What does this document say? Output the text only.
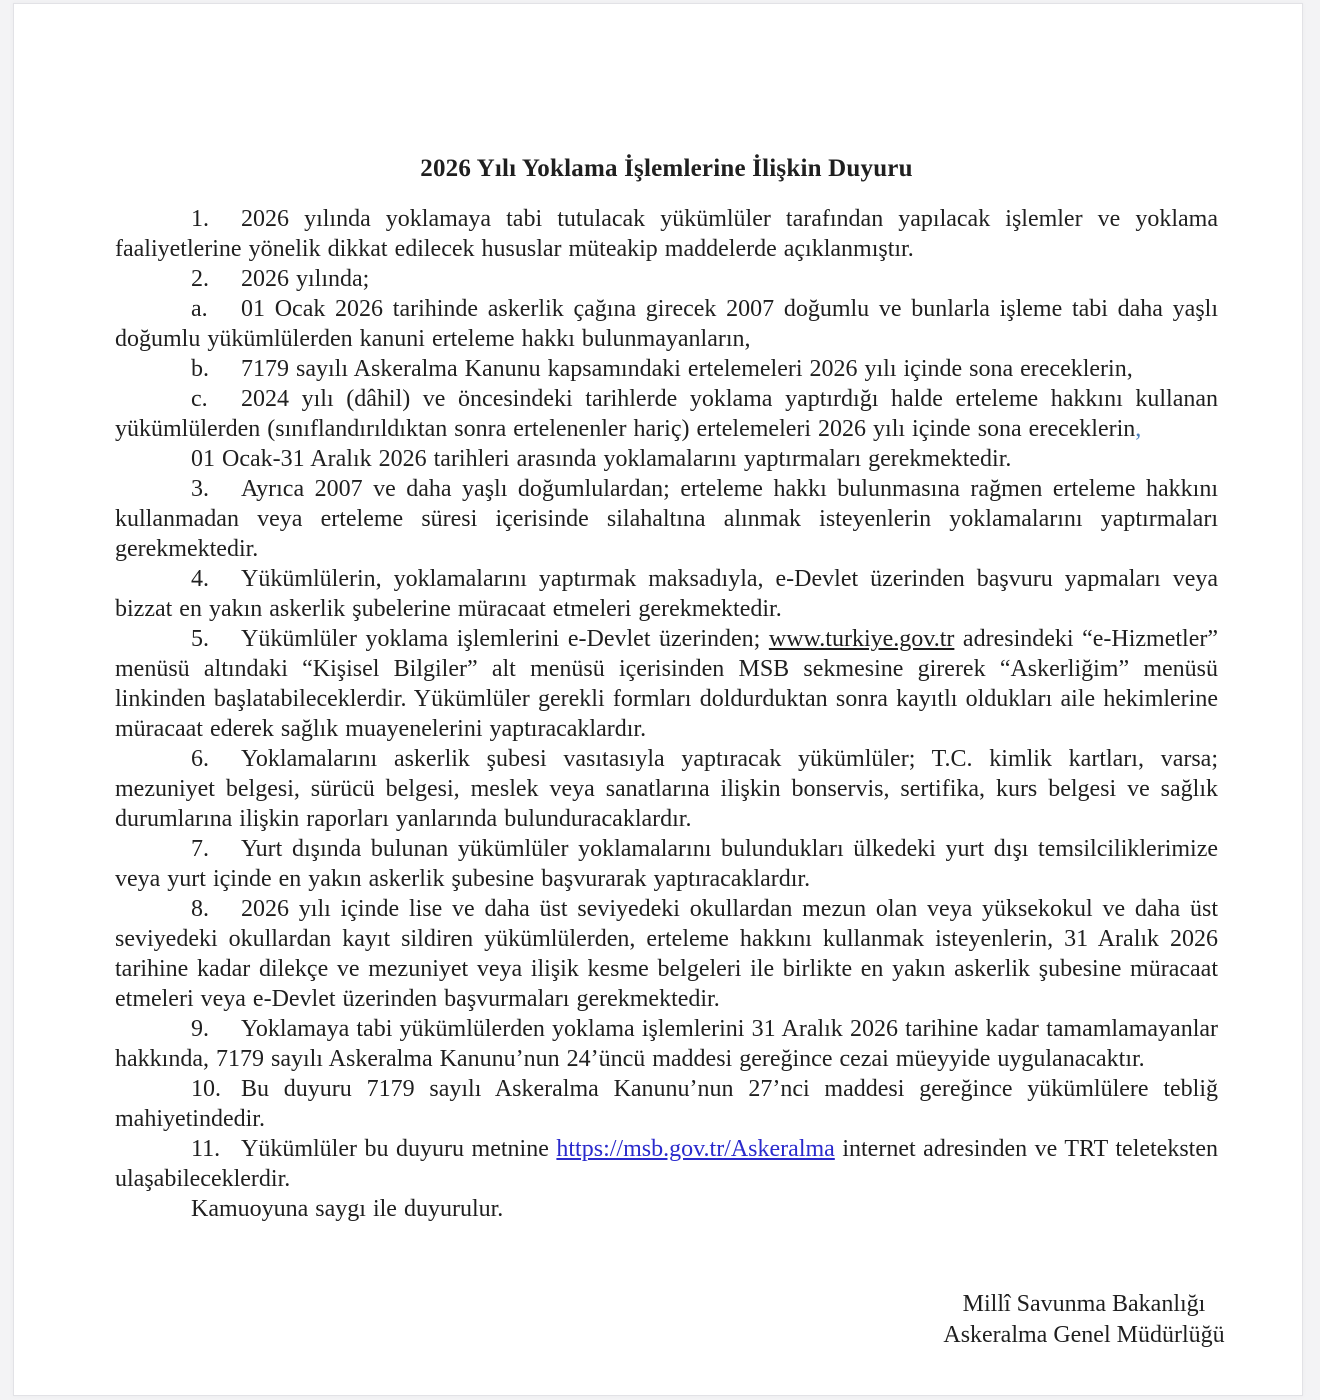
2026 Yılı Yoklama İşlemlerine İlişkin Duyuru

1. 2026 yılında yoklamaya tabi tutulacak yükümlüler tarafından yapılacak işlemler ve yoklama faaliyetlerine yönelik dikkat edilecek hususlar müteakip maddelerde açıklanmıştır.

2. 2026 yılında;

a. 01 Ocak 2026 tarihinde askerlik çağına girecek 2007 doğumlu ve bunlarla işleme tabi daha yaşlı doğumlu yükümlülerden kanuni erteleme hakkı bulunmayanların,

b. 7179 sayılı Askeralma Kanunu kapsamındaki ertelemeleri 2026 yılı içinde sona ereceklerin,

c. 2024 yılı (dâhil) ve öncesindeki tarihlerde yoklama yaptırdığı halde erteleme hakkını kullanan yükümlülerden (sınıflandırıldıktan sonra ertelenenler hariç) ertelemeleri 2026 yılı içinde sona ereceklerin,

01 Ocak-31 Aralık 2026 tarihleri arasında yoklamalarını yaptırmaları gerekmektedir.

3. Ayrıca 2007 ve daha yaşlı doğumlulardan; erteleme hakkı bulunmasına rağmen erteleme hakkını kullanmadan veya erteleme süresi içerisinde silahaltına alınmak isteyenlerin yoklamalarını yaptırmaları gerekmektedir.

4. Yükümlülerin, yoklamalarını yaptırmak maksadıyla, e-Devlet üzerinden başvuru yapmaları veya bizzat en yakın askerlik şubelerine müracaat etmeleri gerekmektedir.

5. Yükümlüler yoklama işlemlerini e-Devlet üzerinden; www.turkiye.gov.tr adresindeki “e-Hizmetler” menüsü altındaki “Kişisel Bilgiler” alt menüsü içerisinden MSB sekmesine girerek “Askerliğim” menüsü linkinden başlatabileceklerdir. Yükümlüler gerekli formları doldurduktan sonra kayıtlı oldukları aile hekimlerine müracaat ederek sağlık muayenelerini yaptıracaklardır.

6. Yoklamalarını askerlik şubesi vasıtasıyla yaptıracak yükümlüler; T.C. kimlik kartları, varsa; mezuniyet belgesi, sürücü belgesi, meslek veya sanatlarına ilişkin bonservis, sertifika, kurs belgesi ve sağlık durumlarına ilişkin raporları yanlarında bulunduracaklardır.

7. Yurt dışında bulunan yükümlüler yoklamalarını bulundukları ülkedeki yurt dışı temsilciliklerimize veya yurt içinde en yakın askerlik şubesine başvurarak yaptıracaklardır.

8. 2026 yılı içinde lise ve daha üst seviyedeki okullardan mezun olan veya yüksekokul ve daha üst seviyedeki okullardan kayıt sildiren yükümlülerden, erteleme hakkını kullanmak isteyenlerin, 31 Aralık 2026 tarihine kadar dilekçe ve mezuniyet veya ilişik kesme belgeleri ile birlikte en yakın askerlik şubesine müracaat etmeleri veya e-Devlet üzerinden başvurmaları gerekmektedir.

9. Yoklamaya tabi yükümlülerden yoklama işlemlerini 31 Aralık 2026 tarihine kadar tamamlamayanlar hakkında, 7179 sayılı Askeralma Kanunu’nun 24’üncü maddesi gereğince cezai müeyyide uygulanacaktır.

10. Bu duyuru 7179 sayılı Askeralma Kanunu’nun 27’nci maddesi gereğince yükümlülere tebliğ mahiyetindedir.

11. Yükümlüler bu duyuru metnine https://msb.gov.tr/Askeralma internet adresinden ve TRT teleteksten ulaşabileceklerdir.

Kamuoyuna saygı ile duyurulur.

Millî Savunma Bakanlığı
Askeralma Genel Müdürlüğü
